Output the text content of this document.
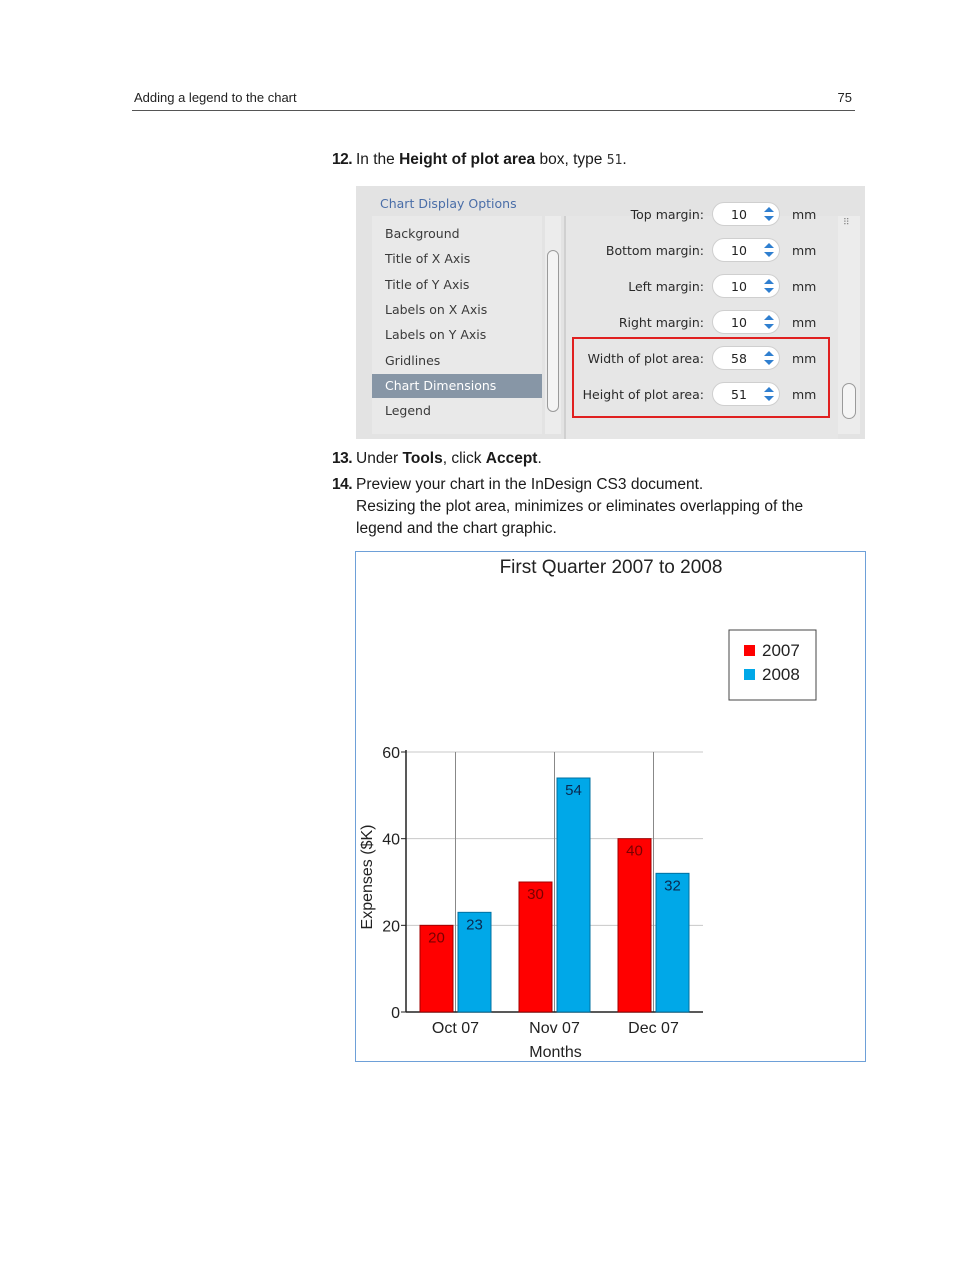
Adding a legend to the chart	75
12. In the Height of plot area box, type 51.
Chart Display Options
Background
Title of X Axis
Title of Y Axis
Labels on X Axis
Labels on Y Axis
Gridlines
Chart Dimensions
Legend
Top margin: 10	mm
Bottom margin: 10	mm
Left margin: 10	mm
Right margin: 10	mm
Width of plot area: 58	mm
Height of plot area: 51	mm
⠿
13. Under Tools, click Accept.
14. Preview your chart in the InDesign CS3 document.
Resizing the plot area, minimizes or eliminates overlapping of the
legend and the chart graphic.
First Quarter 2007 to 2008
0
20
40
60
20
23
Oct 07
30
54
Nov 07
40
32
Dec 07
Months
Expenses ($K)
2007
2008
